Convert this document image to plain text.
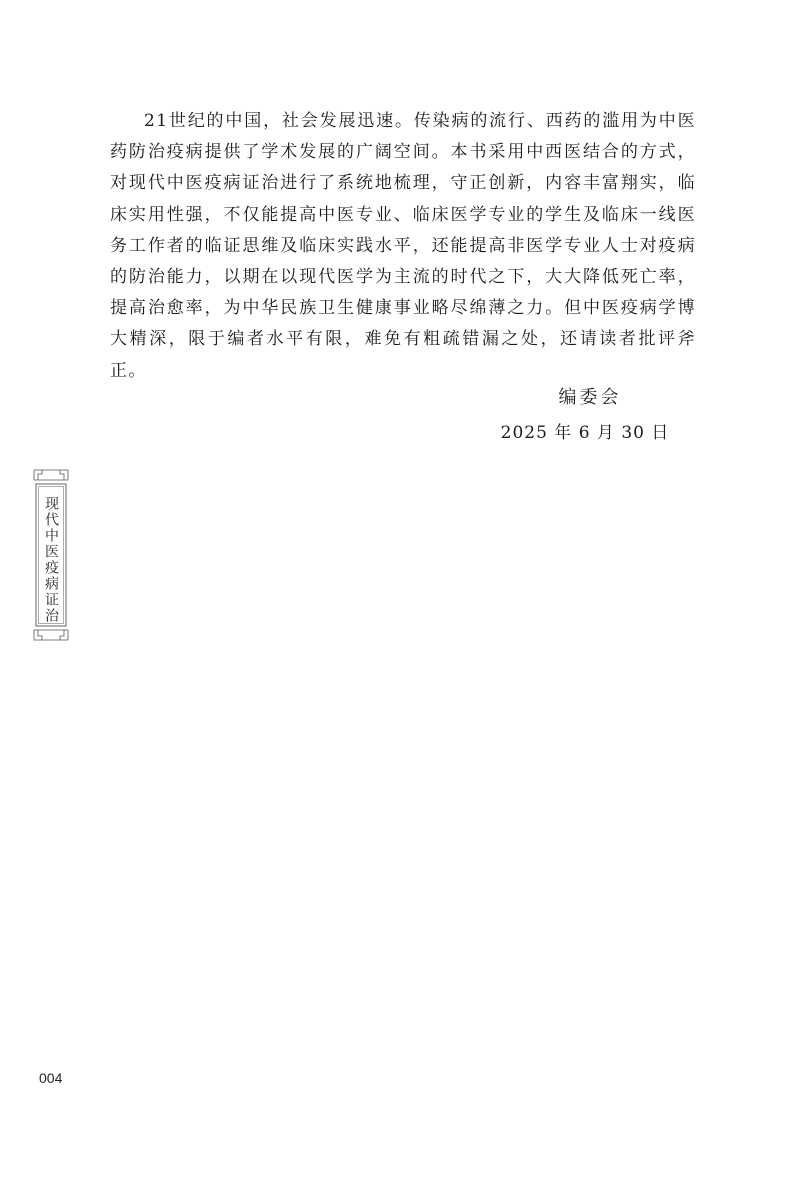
21世纪的中国，社会发展迅速。传染病的流行、西药的滥用为中医药防治疫病提供了学术发展的广阔空间。本书采用中西医结合的方式，对现代中医疫病证治进行了系统地梳理，守正创新，内容丰富翔实，临床实用性强，不仅能提高中医专业、临床医学专业的学生及临床一线医务工作者的临证思维及临床实践水平，还能提高非医学专业人士对疫病的防治能力，以期在以现代医学为主流的时代之下，大大降低死亡率，提高治愈率，为中华民族卫生健康事业略尽绵薄之力。但中医疫病学博大精深，限于编者水平有限，难免有粗疏错漏之处，还请读者批评斧正。

编委会
2025 年 6 月 30 日
现代中医疫病证治
004
